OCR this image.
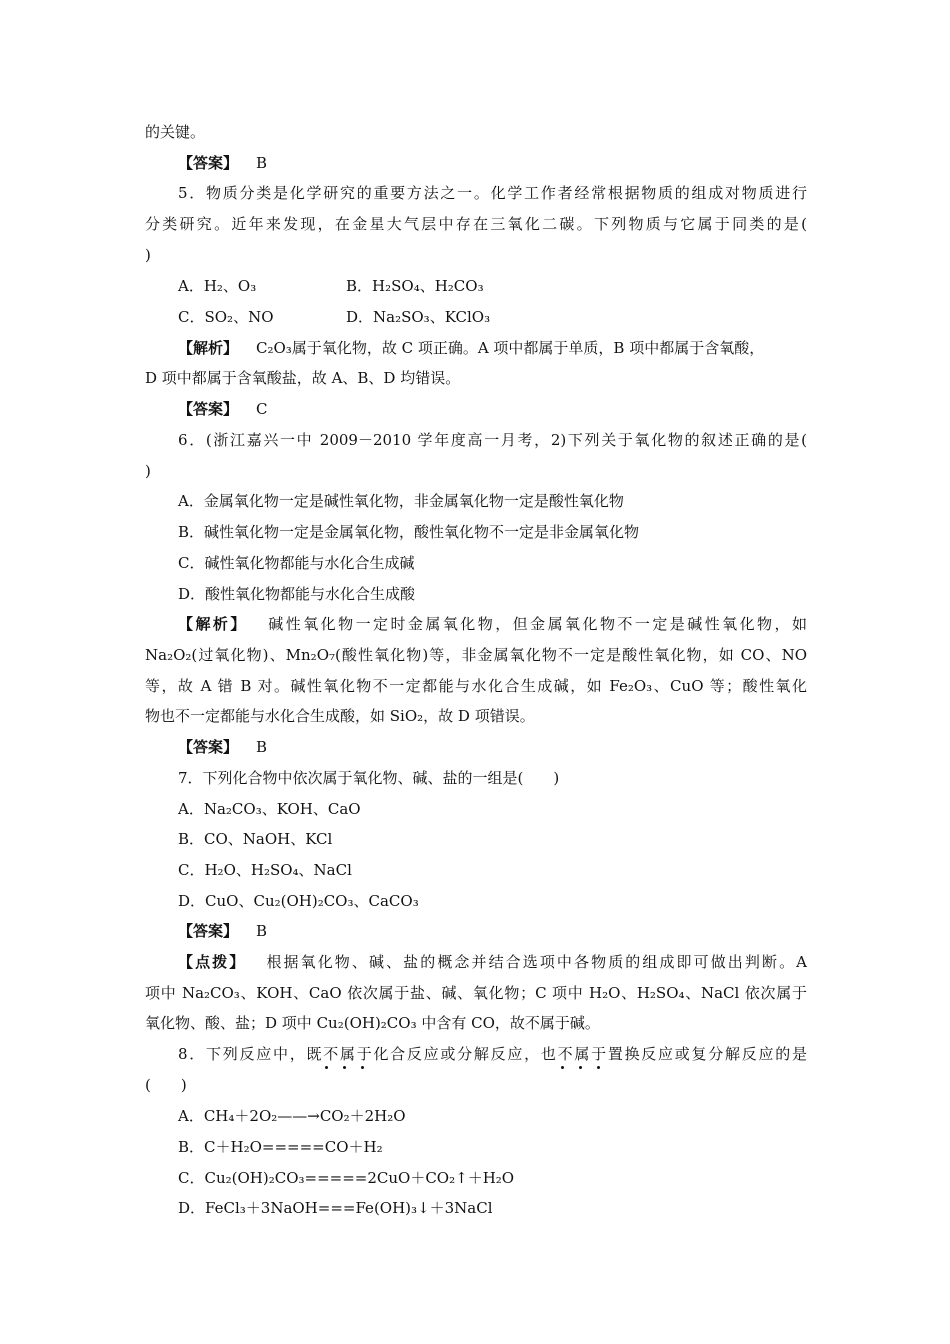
的关键。
【答案】 B
5．物质分类是化学研究的重要方法之一。化学工作者经常根据物质的组成对物质进行
分类研究。近年来发现，在金星大气层中存在三氧化二碳。下列物质与它属于同类的是(
)
A．H₂、O₃	B．H₂SO₄、H₂CO₃
C．SO₂、NO	D．Na₂SO₃、KClO₃
【解析】 C₂O₃属于氧化物，故 C 项正确。A 项中都属于单质，B 项中都属于含氧酸，
D 项中都属于含氧酸盐，故 A、B、D 均错误。
【答案】 C
6．(浙江嘉兴一中 2009－2010 学年度高一月考，2)下列关于氧化物的叙述正确的是(
)
A．金属氧化物一定是碱性氧化物，非金属氧化物一定是酸性氧化物
B．碱性氧化物一定是金属氧化物，酸性氧化物不一定是非金属氧化物
C．碱性氧化物都能与水化合生成碱
D．酸性氧化物都能与水化合生成酸
【解析】 碱性氧化物一定时金属氧化物，但金属氧化物不一定是碱性氧化物，如
Na₂O₂(过氧化物)、Mn₂O₇(酸性氧化物)等，非金属氧化物不一定是酸性氧化物，如 CO、NO
等，故 A 错 B 对。碱性氧化物不一定都能与水化合生成碱，如 Fe₂O₃、CuO 等；酸性氧化
物也不一定都能与水化合生成酸，如 SiO₂，故 D 项错误。
【答案】 B
7．下列化合物中依次属于氧化物、碱、盐的一组是(　　)
A．Na₂CO₃、KOH、CaO
B．CO、NaOH、KCl
C．H₂O、H₂SO₄、NaCl
D．CuO、Cu₂(OH)₂CO₃、CaCO₃
【答案】 B
【点拨】 根据氧化物、碱、盐的概念并结合选项中各物质的组成即可做出判断。A
项中 Na₂CO₃、KOH、CaO 依次属于盐、碱、氧化物；C 项中 H₂O、H₂SO₄、NaCl 依次属于
氧化物、酸、盐；D 项中 Cu₂(OH)₂CO₃ 中含有 CO，故不属于碱。
8．下列反应中，既不属于化合反应或分解反应，也不属于置换反应或复分解反应的是
(　　)
A．CH₄＋2O₂——→CO₂＋2H₂O
B．C＋H₂O=====CO＋H₂
C．Cu₂(OH)₂CO₃=====2CuO＋CO₂↑＋H₂O
D．FeCl₃＋3NaOH===Fe(OH)₃↓＋3NaCl
